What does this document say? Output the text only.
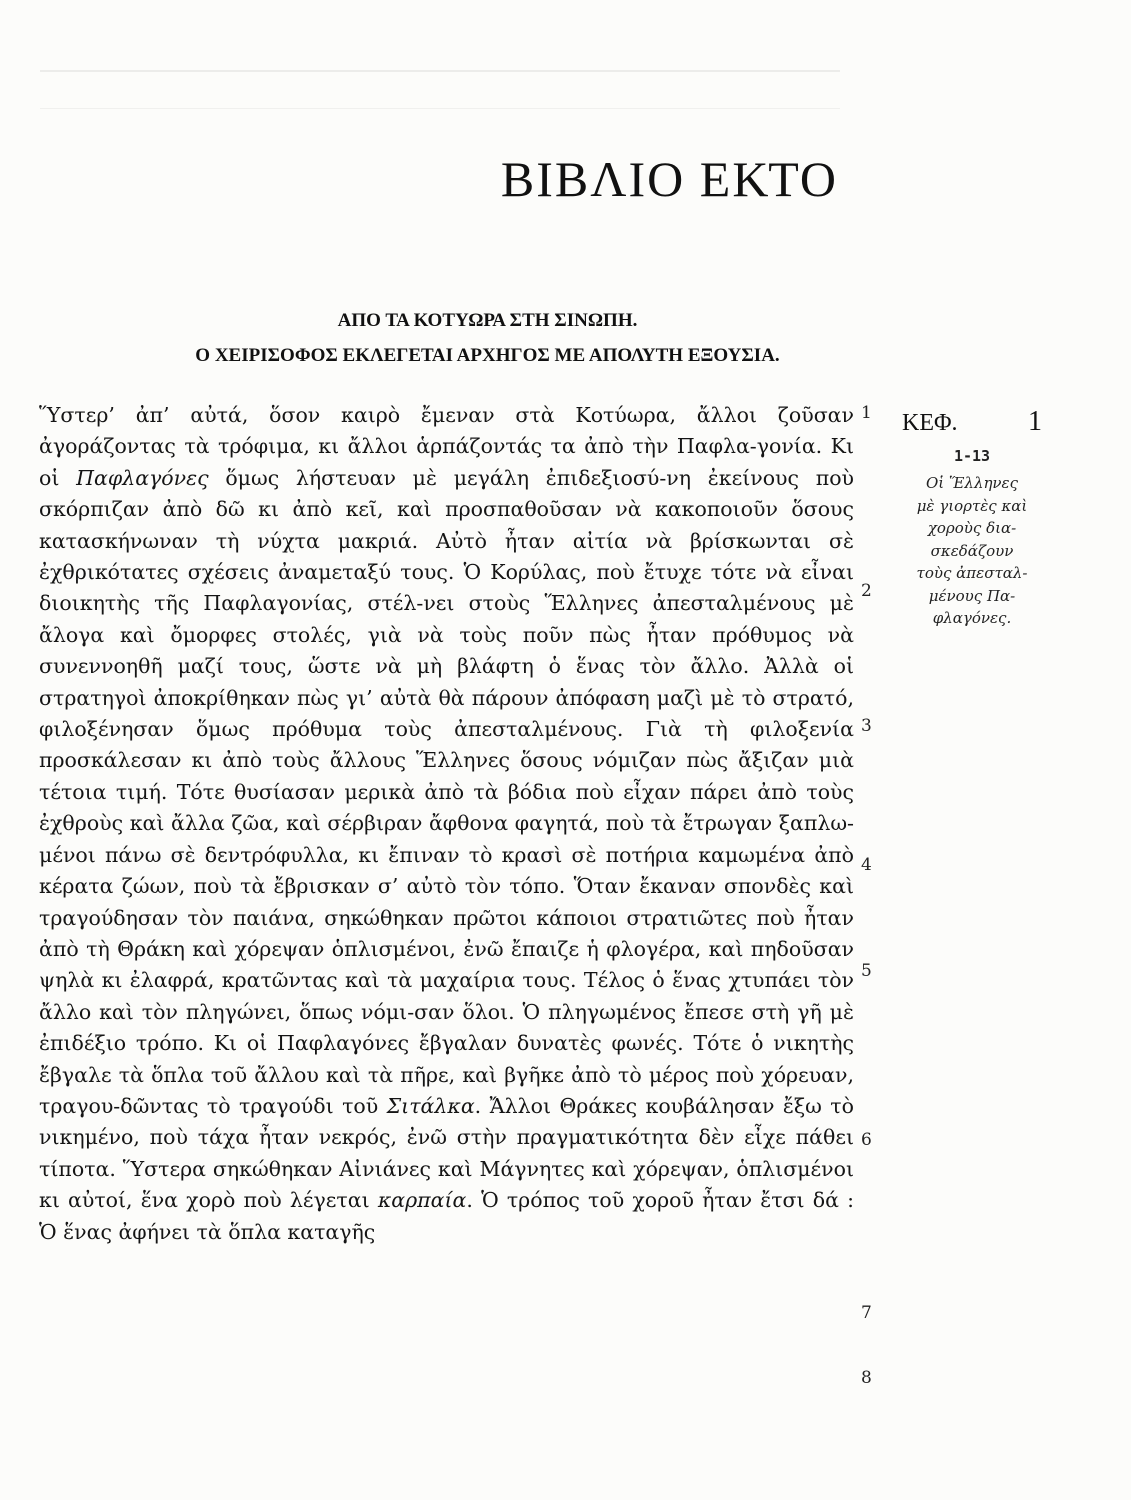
ΒΙΒΛΙΟ ΕΚΤΟ
ΑΠΟ ΤΑ ΚΟΤΥΩΡΑ ΣΤΗ ΣΙΝΩΠΗ.
Ο ΧΕΙΡΙΣΟΦΟΣ ΕΚΛΕΓΕΤΑΙ ΑΡΧΗΓΟΣ ΜΕ ΑΠΟΛΥΤΗ ΕΞΟΥΣΙΑ.

Ὕστερ’ ἀπ’ αὐτά, ὅσον καιρὸ ἔμεναν στὰ Κοτύωρα, ἄλλοι ζοῦσαν ἀγοράζοντας τὰ τρόφιμα, κι ἄλλοι ἁρπάζοντάς τα ἀπὸ τὴν Παφλα-γονία. Κι οἱ Παφλαγόνες ὅμως λήστευαν μὲ μεγάλη ἐπιδεξιοσύ-νη ἐκείνους ποὺ σκόρπιζαν ἀπὸ δῶ κι ἀπὸ κεῖ, καὶ προσπαθοῦσαν νὰ κακοποιοῦν ὅσους κατασκήνωναν τὴ νύχτα μακριά. Αὐτὸ ἦταν αἰτία νὰ βρίσκωνται σὲ ἐχθρικότατες σχέσεις ἀναμεταξύ τους. Ὁ Κορύλας, ποὺ ἔτυχε τότε νὰ εἶναι διοικητὴς τῆς Παφλαγονίας, στέλ-νει στοὺς Ἕλληνες ἀπεσταλμένους μὲ ἄλογα καὶ ὄμορφες στολές, γιὰ νὰ τοὺς ποῦν πὼς ἦταν πρόθυμος νὰ συνεννοηθῆ μαζί τους, ὥστε νὰ μὴ βλάφτη ὁ ἕνας τὸν ἄλλο. Ἀλλὰ οἱ στρατηγοὶ ἀποκρίθηκαν πὼς γι’ αὐτὰ θὰ πάρουν ἀπόφαση μαζὶ μὲ τὸ στρατό, φιλοξένησαν ὅμως πρόθυμα τοὺς ἀπεσταλμένους. Γιὰ τὴ φιλοξενία προσκάλεσαν κι ἀπὸ τοὺς ἄλλους Ἕλληνες ὅσους νόμιζαν πὼς ἄξιζαν μιὰ τέτοια τιμή. Τότε θυσίασαν μερικὰ ἀπὸ τὰ βόδια ποὺ εἶχαν πάρει ἀπὸ τοὺς ἐχθροὺς καὶ ἄλλα ζῶα, καὶ σέρβιραν ἄφθονα φαγητά, ποὺ τὰ ἔτρωγαν ξαπλω-μένοι πάνω σὲ δεντρόφυλλα, κι ἔπιναν τὸ κρασὶ σὲ ποτήρια καμωμένα ἀπὸ κέρατα ζώων, ποὺ τὰ ἔβρισκαν σ’ αὐτὸ τὸν τόπο. Ὅταν ἔκαναν σπονδὲς καὶ τραγούδησαν τὸν παιάνα, σηκώθηκαν πρῶτοι κάποιοι στρατιῶτες ποὺ ἦταν ἀπὸ τὴ Θράκη καὶ χόρεψαν ὁπλισμένοι, ἐνῶ ἔπαιζε ἡ φλογέρα, καὶ πηδοῦσαν ψηλὰ κι ἐλαφρά, κρατῶντας καὶ τὰ μαχαίρια τους. Τέλος ὁ ἕνας χτυπάει τὸν ἄλλο καὶ τὸν πληγώνει, ὅπως νόμι-σαν ὅλοι. Ὁ πληγωμένος ἔπεσε στὴ γῆ μὲ ἐπιδέξιο τρόπο. Κι οἱ Παφλαγόνες ἔβγαλαν δυνατὲς φωνές. Τότε ὁ νικητὴς ἔβγαλε τὰ ὅπλα τοῦ ἄλλου καὶ τὰ πῆρε, καὶ βγῆκε ἀπὸ τὸ μέρος ποὺ χόρευαν, τραγου-δῶντας τὸ τραγούδι τοῦ Σιτάλκα. Ἄλλοι Θράκες κουβάλησαν ἔξω τὸ νικημένο, ποὺ τάχα ἦταν νεκρός, ἐνῶ στὴν πραγματικότητα δὲν εἶχε πάθει τίποτα. Ὕστερα σηκώθηκαν Αἰνιάνες καὶ Μάγνητες καὶ χόρεψαν, ὁπλισμένοι κι αὐτοί, ἕνα χορὸ ποὺ λέγεται καρπαία. Ὁ τρόπος τοῦ χοροῦ ἦταν ἔτσι δά : Ὁ ἕνας ἀφήνει τὰ ὅπλα καταγῆς

1
2
3
4
5
6
7
8
ΚΕΦ.	1
1-13
Οἱ Ἕλληνες
μὲ γιορτὲς καὶ
χοροὺς δια-
σκεδάζουν
τοὺς ἀπεσταλ-
μένους Πα-
φλαγόνες.
